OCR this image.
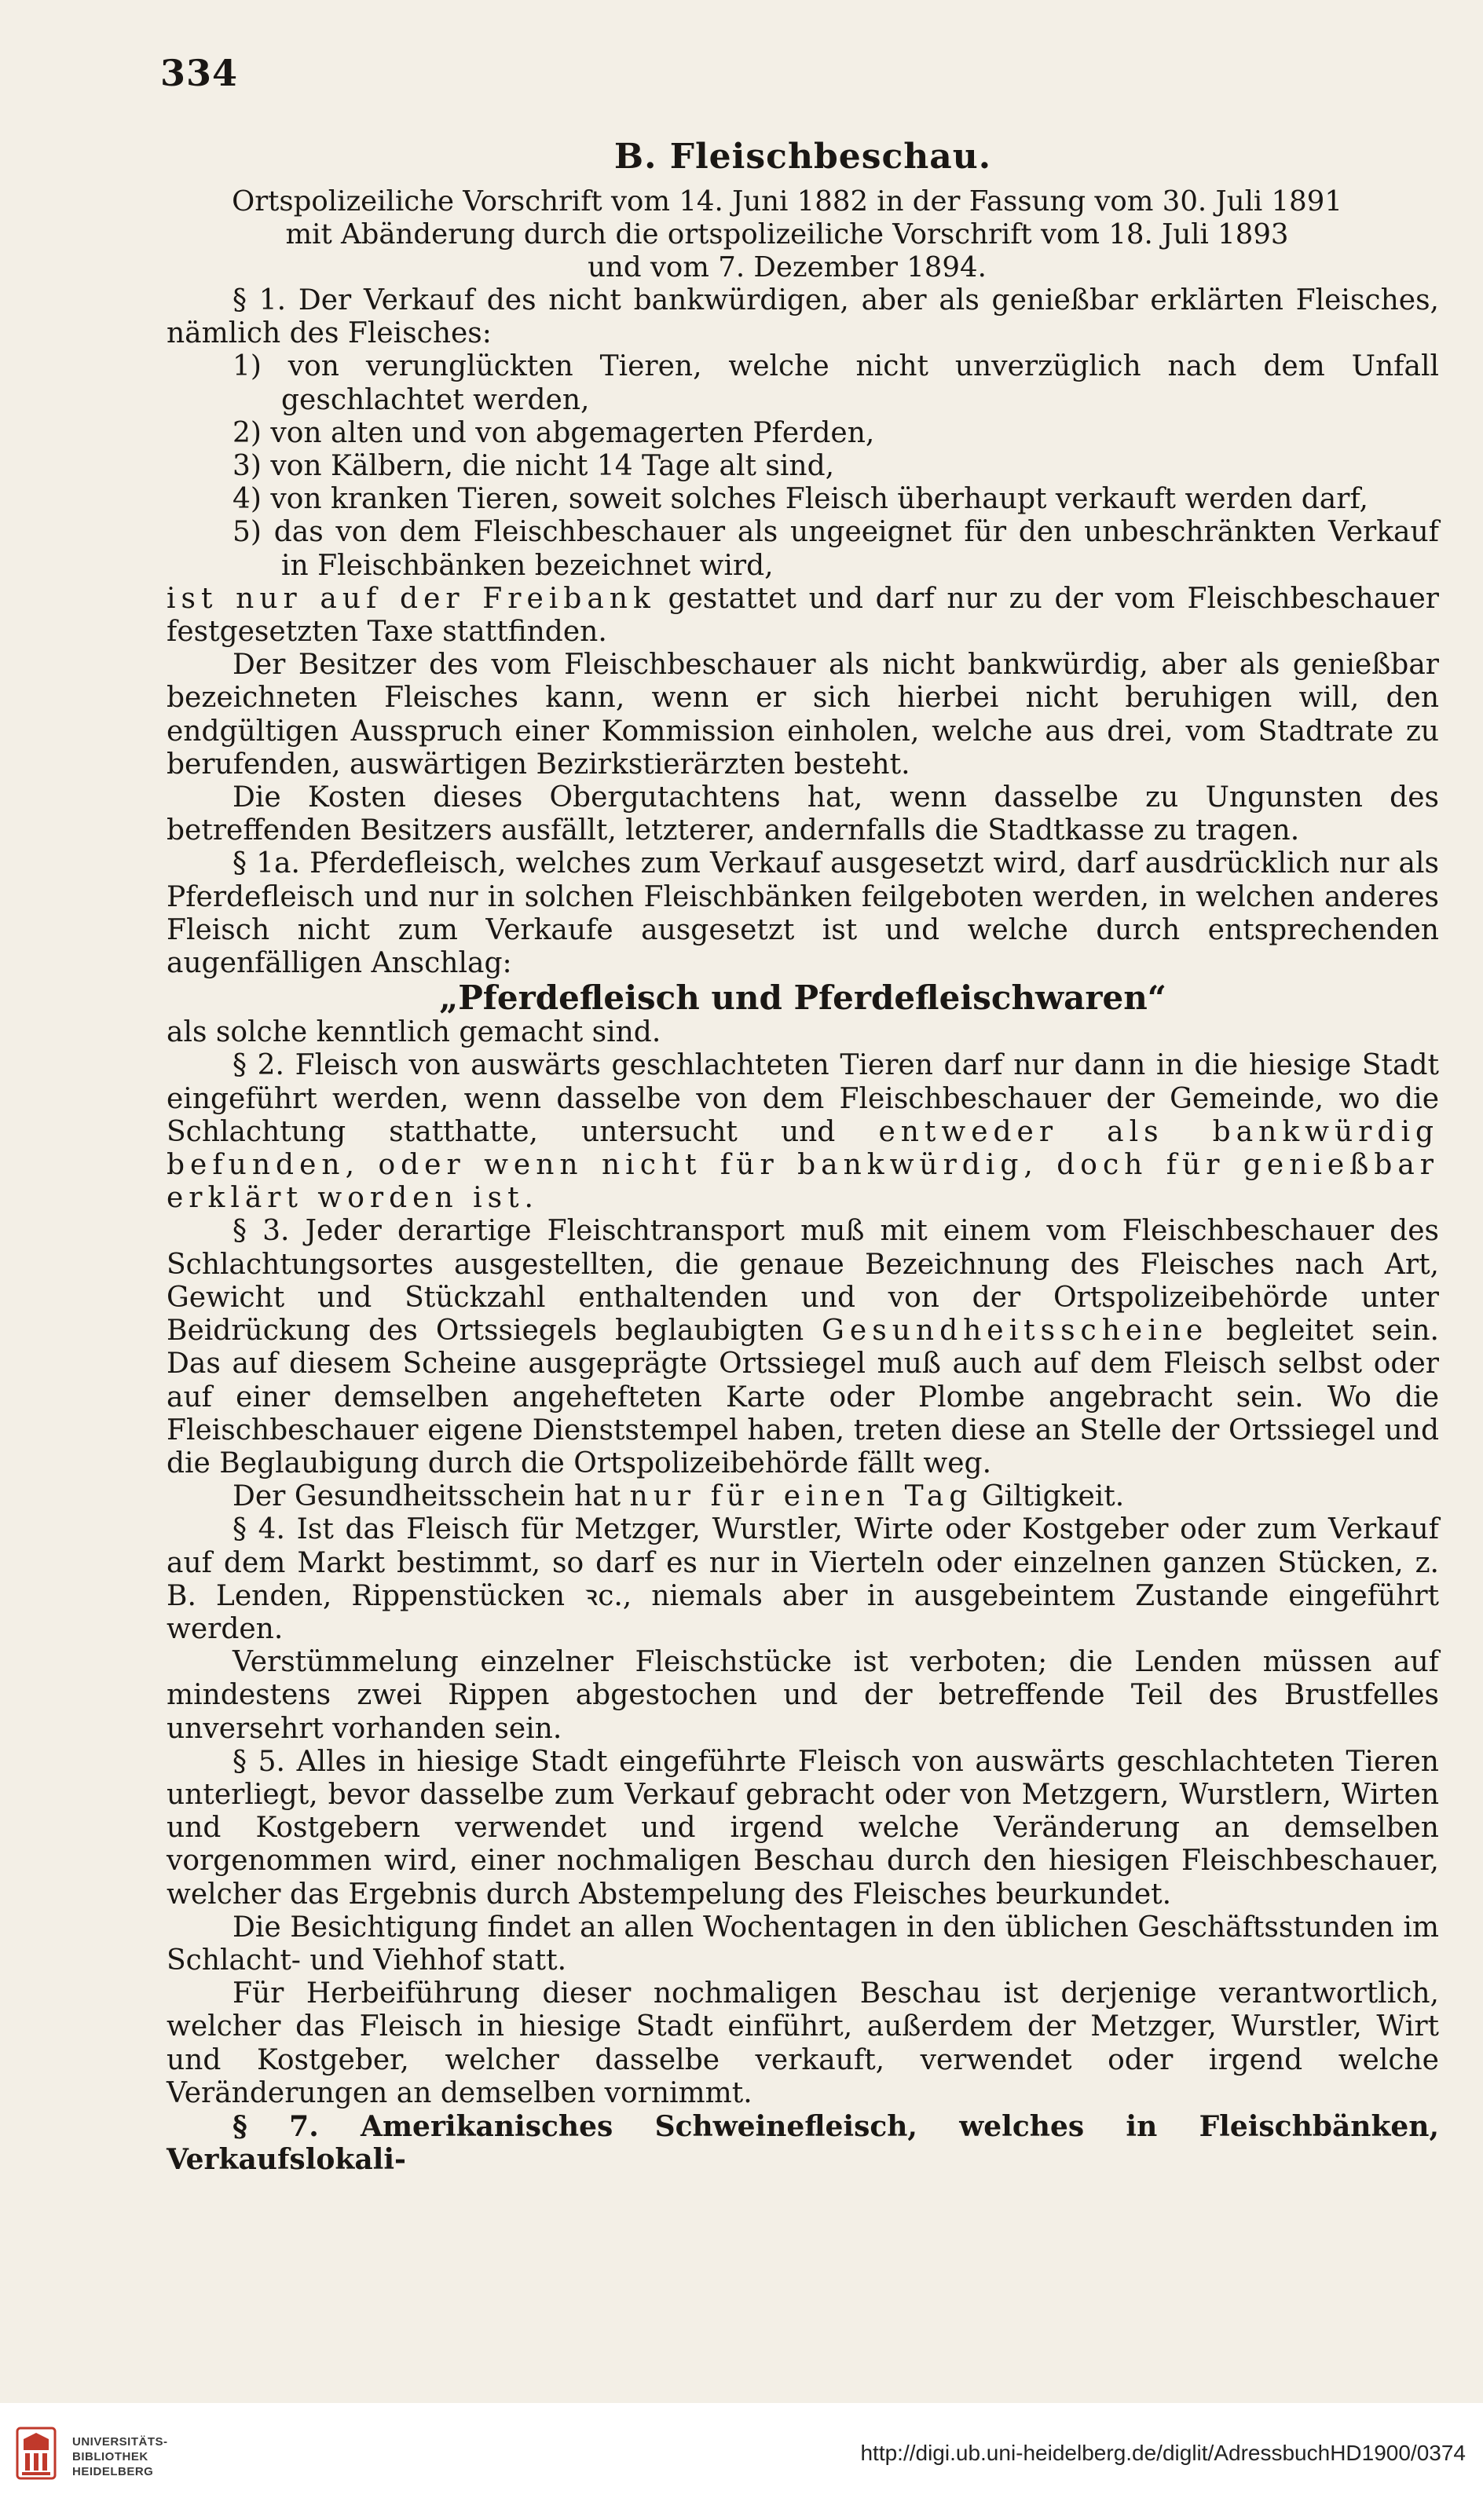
334
B. Fleischbeschau.
Ortspolizeiliche Vorschrift vom 14. Juni 1882 in der Fassung vom 30. Juli 1891
mit Abänderung durch die ortspolizeiliche Vorschrift vom 18. Juli 1893
und vom 7. Dezember 1894.

§ 1. Der Verkauf des nicht bankwürdigen, aber als genießbar erklärten Fleisches, nämlich des Fleisches:

1) von verunglückten Tieren, welche nicht unverzüglich nach dem Unfall geschlachtet werden,
2) von alten und von abgemagerten Pferden,
3) von Kälbern, die nicht 14 Tage alt sind,
4) von kranken Tieren, soweit solches Fleisch überhaupt verkauft werden darf,
5) das von dem Fleischbeschauer als ungeeignet für den unbeschränkten Verkauf in Fleischbänken bezeichnet wird,

ist nur auf der Freibank gestattet und darf nur zu der vom Fleischbeschauer festgesetzten Taxe stattfinden.

Der Besitzer des vom Fleischbeschauer als nicht bankwürdig, aber als genießbar bezeichneten Fleisches kann, wenn er sich hierbei nicht beruhigen will, den endgültigen Ausspruch einer Kommission einholen, welche aus drei, vom Stadtrate zu berufenden, auswärtigen Bezirkstierärzten besteht.

Die Kosten dieses Obergutachtens hat, wenn dasselbe zu Ungunsten des betreffenden Besitzers ausfällt, letzterer, andernfalls die Stadtkasse zu tragen.

§ 1a. Pferdefleisch, welches zum Verkauf ausgesetzt wird, darf ausdrücklich nur als Pferdefleisch und nur in solchen Fleischbänken feilgeboten werden, in welchen anderes Fleisch nicht zum Verkaufe ausgesetzt ist und welche durch entsprechenden augenfälligen Anschlag:

„Pferdefleisch und Pferdefleischwaren“

als solche kenntlich gemacht sind.

§ 2. Fleisch von auswärts geschlachteten Tieren darf nur dann in die hiesige Stadt eingeführt werden, wenn dasselbe von dem Fleischbeschauer der Gemeinde, wo die Schlachtung statthatte, untersucht und entweder als bankwürdig befunden, oder wenn nicht für bankwürdig, doch für genießbar erklärt worden ist.

§ 3. Jeder derartige Fleischtransport muß mit einem vom Fleischbeschauer des Schlachtungsortes ausgestellten, die genaue Bezeichnung des Fleisches nach Art, Gewicht und Stückzahl enthaltenden und von der Ortspolizeibehörde unter Beidrückung des Ortssiegels beglaubigten Gesundheitsscheine begleitet sein. Das auf diesem Scheine ausgeprägte Ortssiegel muß auch auf dem Fleisch selbst oder auf einer demselben angehefteten Karte oder Plombe angebracht sein. Wo die Fleischbeschauer eigene Dienststempel haben, treten diese an Stelle der Ortssiegel und die Beglaubigung durch die Ortspolizeibehörde fällt weg.

Der Gesundheitsschein hat nur für einen Tag Giltigkeit.

§ 4. Ist das Fleisch für Metzger, Wurstler, Wirte oder Kostgeber oder zum Verkauf auf dem Markt bestimmt, so darf es nur in Vierteln oder einzelnen ganzen Stücken, z. B. Lenden, Rippenstücken ꝛc., niemals aber in ausgebeintem Zustande eingeführt werden.

Verstümmelung einzelner Fleischstücke ist verboten; die Lenden müssen auf mindestens zwei Rippen abgestochen und der betreffende Teil des Brustfelles unversehrt vorhanden sein.

§ 5. Alles in hiesige Stadt eingeführte Fleisch von auswärts geschlachteten Tieren unterliegt, bevor dasselbe zum Verkauf gebracht oder von Metzgern, Wurstlern, Wirten und Kostgebern verwendet und irgend welche Veränderung an demselben vorgenommen wird, einer nochmaligen Beschau durch den hiesigen Fleischbeschauer, welcher das Ergebnis durch Abstempelung des Fleisches beurkundet.

Die Besichtigung findet an allen Wochentagen in den üblichen Geschäftsstunden im Schlacht- und Viehhof statt.

Für Herbeiführung dieser nochmaligen Beschau ist derjenige verantwortlich, welcher das Fleisch in hiesige Stadt einführt, außerdem der Metzger, Wurstler, Wirt und Kostgeber, welcher dasselbe verkauft, verwendet oder irgend welche Veränderungen an demselben vornimmt.

§ 7. Amerikanisches Schweinefleisch, welches in Fleischbänken, Verkaufslokali-

UNIVERSITÄTS-
BIBLIOTHEK
HEIDELBERG
http://digi.ub.uni-heidelberg.de/diglit/AdressbuchHD1900/0374
